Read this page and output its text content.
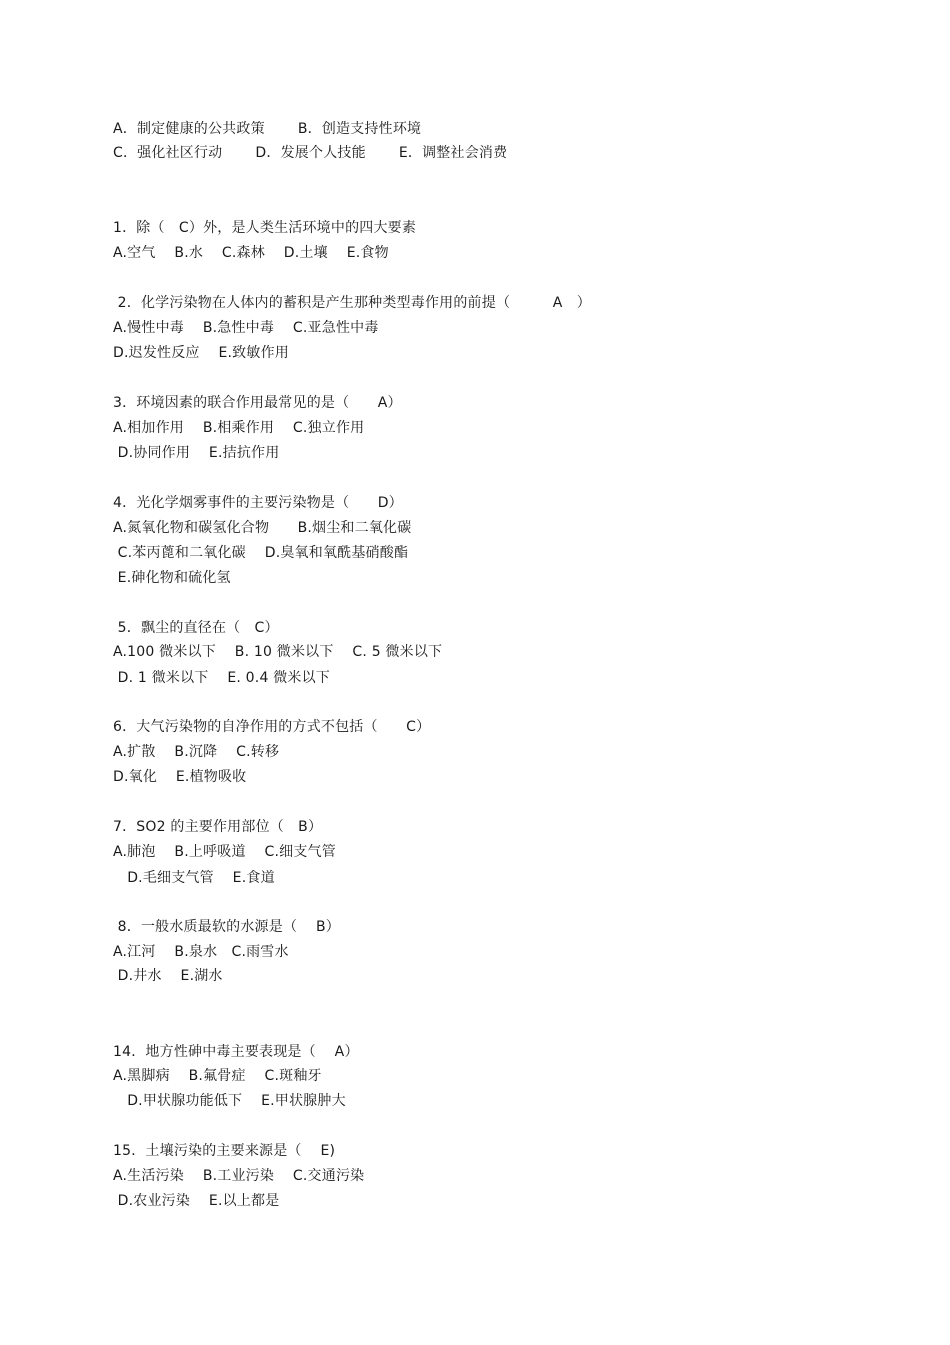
A．制定健康的公共政策　　 B．创造支持性环境
C．强化社区行动　　 D．发展个人技能　　 E．调整社会消费
1．除（　C）外，是人类生活环境中的四大要素
A.空气　 B.水　 C.森林　 D.土壤　 E.食物
2．化学污染物在人体内的蓄积是产生那种类型毒作用的前提（　　　A　）
A.慢性中毒　 B.急性中毒　 C.亚急性中毒
D.迟发性反应　 E.致敏作用
3．环境因素的联合作用最常见的是（　　A）
A.相加作用　 B.相乘作用　 C.独立作用
D.协同作用　 E.拮抗作用
4．光化学烟雾事件的主要污染物是（　　D）
A.氮氧化物和碳氢化合物　　B.烟尘和二氧化碳
C.苯丙蓖和二氧化碳　 D.臭氧和氧酰基硝酸酯
E.砷化物和硫化氢
5．飘尘的直径在（　C）
A.100 微米以下　 B. 10 微米以下　 C. 5 微米以下
D. 1 微米以下　 E. 0.4 微米以下
6．大气污染物的自净作用的方式不包括（　　C）
A.扩散　 B.沉降　 C.转移
D.氧化　 E.植物吸收
7．SO2 的主要作用部位（　B）
A.肺泡　 B.上呼吸道　 C.细支气管
　D.毛细支气管　 E.食道
8．一般水质最软的水源是（　 B）
A.江河　 B.泉水　C.雨雪水
D.井水　 E.湖水
14．地方性砷中毒主要表现是（　 A）
A.黑脚病　 B.氟骨症　 C.斑釉牙
　D.甲状腺功能低下　 E.甲状腺肿大
15．土壤污染的主要来源是（　 E)
A.生活污染　 B.工业污染　 C.交通污染
D.农业污染　 E.以上都是
